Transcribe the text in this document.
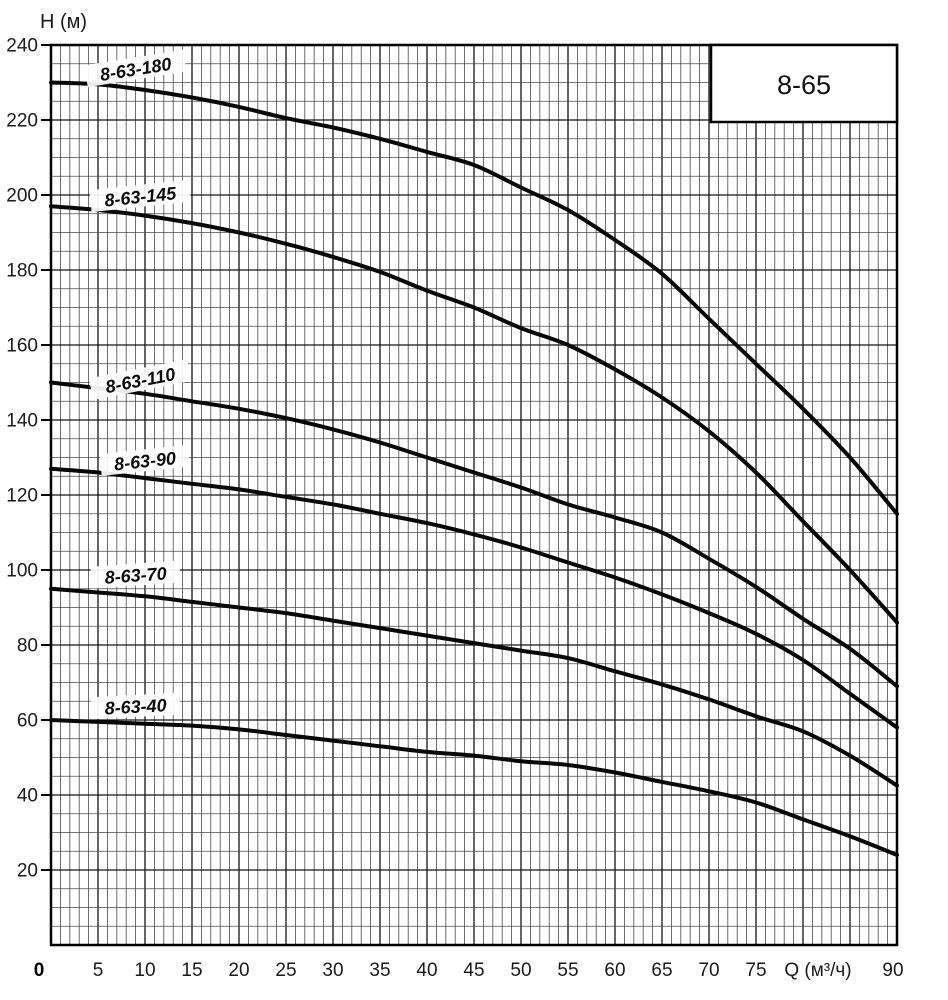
240
220
200
180
160
140
120
100
80
60
40
20
5 10 15 20 25 30 35 40 45 50 55 60 65 70 75
0	90
Q (м³/ч)
H (м)
8-63-180
8-63-145
8-63-110
8-63-90
8-63-70
8-63-40
8-65
